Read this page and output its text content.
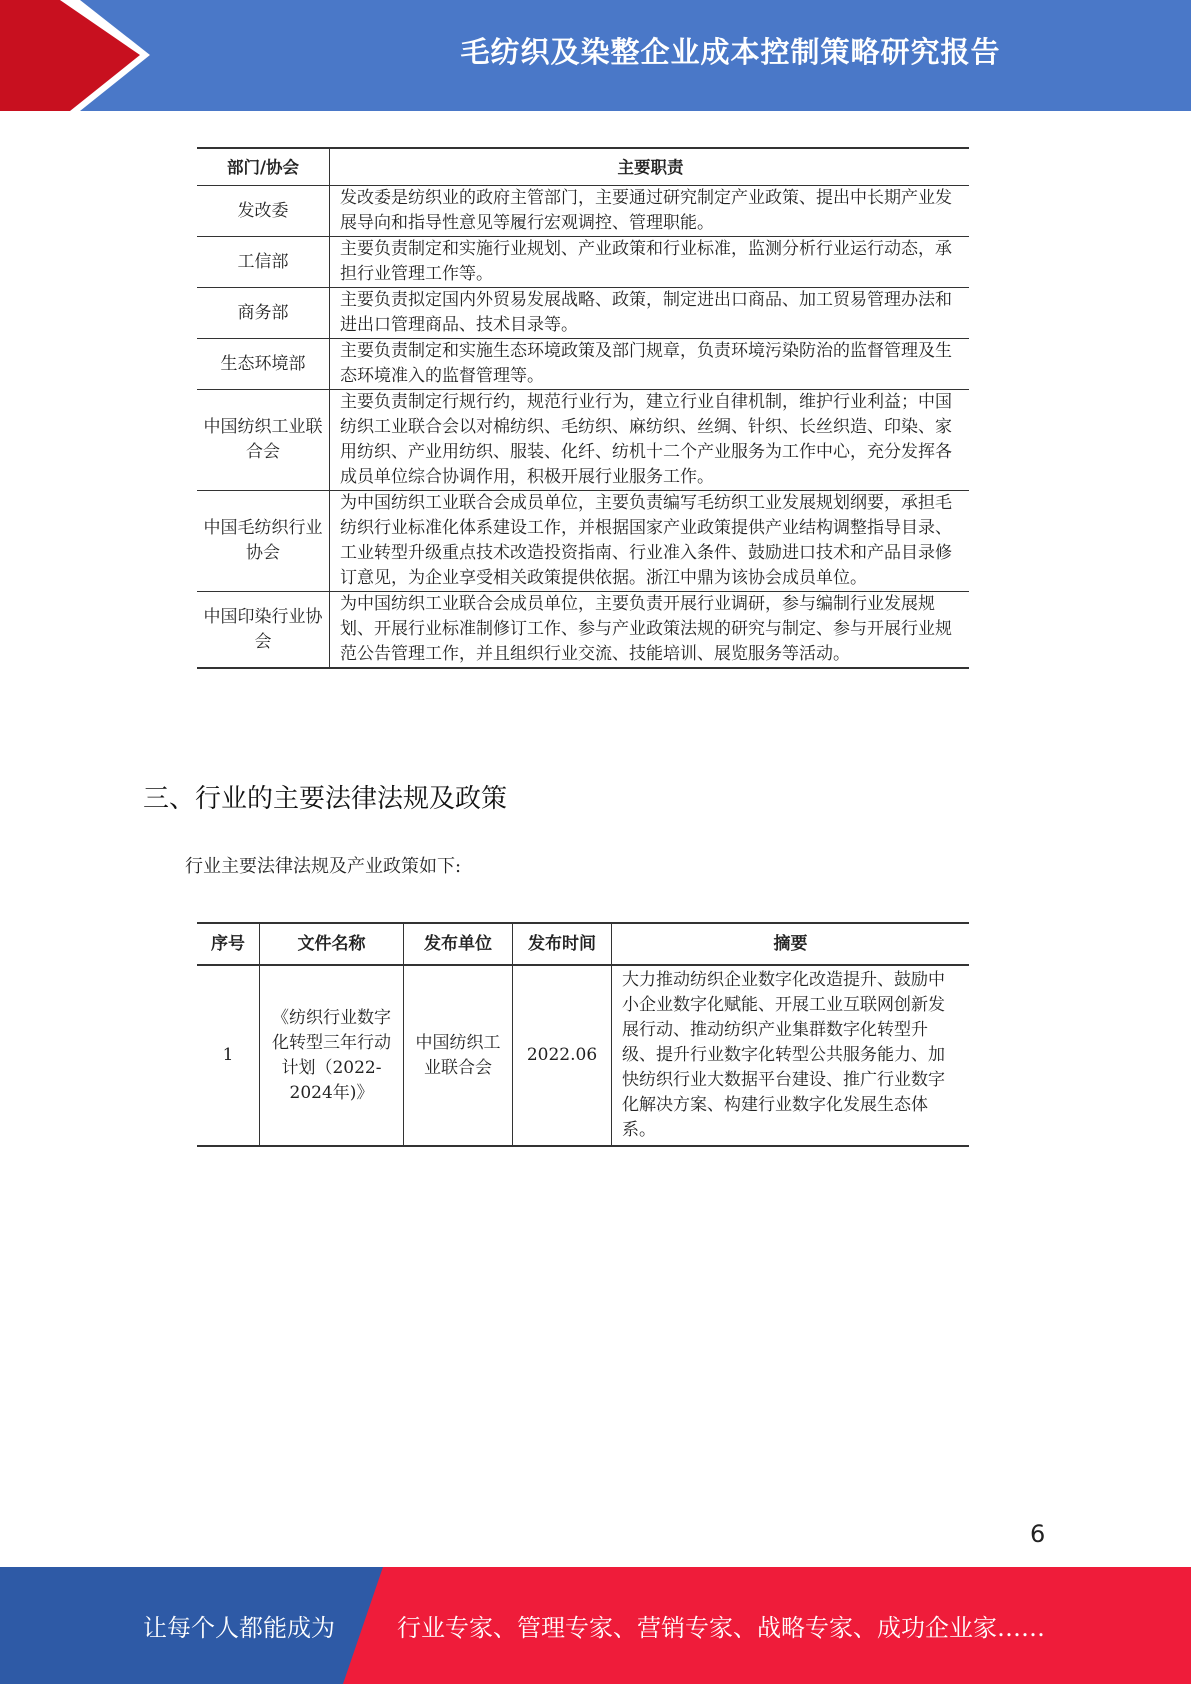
毛纺织及染整企业成本控制策略研究报告
部门/协会	主要职责
发改委	发改委是纺织业的政府主管部门，主要通过研究制定产业政策、提出中长期产业发展导向和指导性意见等履行宏观调控、管理职能。
工信部	主要负责制定和实施行业规划、产业政策和行业标准，监测分析行业运行动态，承担行业管理工作等。
商务部	主要负责拟定国内外贸易发展战略、政策，制定进出口商品、加工贸易管理办法和进出口管理商品、技术目录等。
生态环境部	主要负责制定和实施生态环境政策及部门规章，负责环境污染防治的监督管理及生态环境准入的监督管理等。
中国纺织工业联合会	主要负责制定行规行约，规范行业行为，建立行业自律机制，维护行业利益；中国纺织工业联合会以对棉纺织、毛纺织、麻纺织、丝绸、针织、长丝织造、印染、家用纺织、产业用纺织、服装、化纤、纺机十二个产业服务为工作中心，充分发挥各成员单位综合协调作用，积极开展行业服务工作。
中国毛纺织行业协会	为中国纺织工业联合会成员单位，主要负责编写毛纺织工业发展规划纲要，承担毛纺织行业标准化体系建设工作，并根据国家产业政策提供产业结构调整指导目录、工业转型升级重点技术改造投资指南、行业准入条件、鼓励进口技术和产品目录修订意见，为企业享受相关政策提供依据。浙江中鼎为该协会成员单位。
中国印染行业协会	为中国纺织工业联合会成员单位，主要负责开展行业调研，参与编制行业发展规划、开展行业标准制修订工作、参与产业政策法规的研究与制定、参与开展行业规范公告管理工作，并且组织行业交流、技能培训、展览服务等活动。
三、行业的主要法律法规及政策

行业主要法律法规及产业政策如下:

序号	文件名称	发布单位	发布时间	摘要
1	《纺织行业数字化转型三年行动计划（2022-2024年)》	中国纺织工业联合会	2022.06	大力推动纺织企业数字化改造提升、鼓励中小企业数字化赋能、开展工业互联网创新发展行动、推动纺织产业集群数字化转型升级、提升行业数字化转型公共服务能力、加快纺织行业大数据平台建设、推广行业数字化解决方案、构建行业数字化发展生态体系。
6
让每个人都能成为	行业专家、管理专家、营销专家、战略专家、成功企业家……
